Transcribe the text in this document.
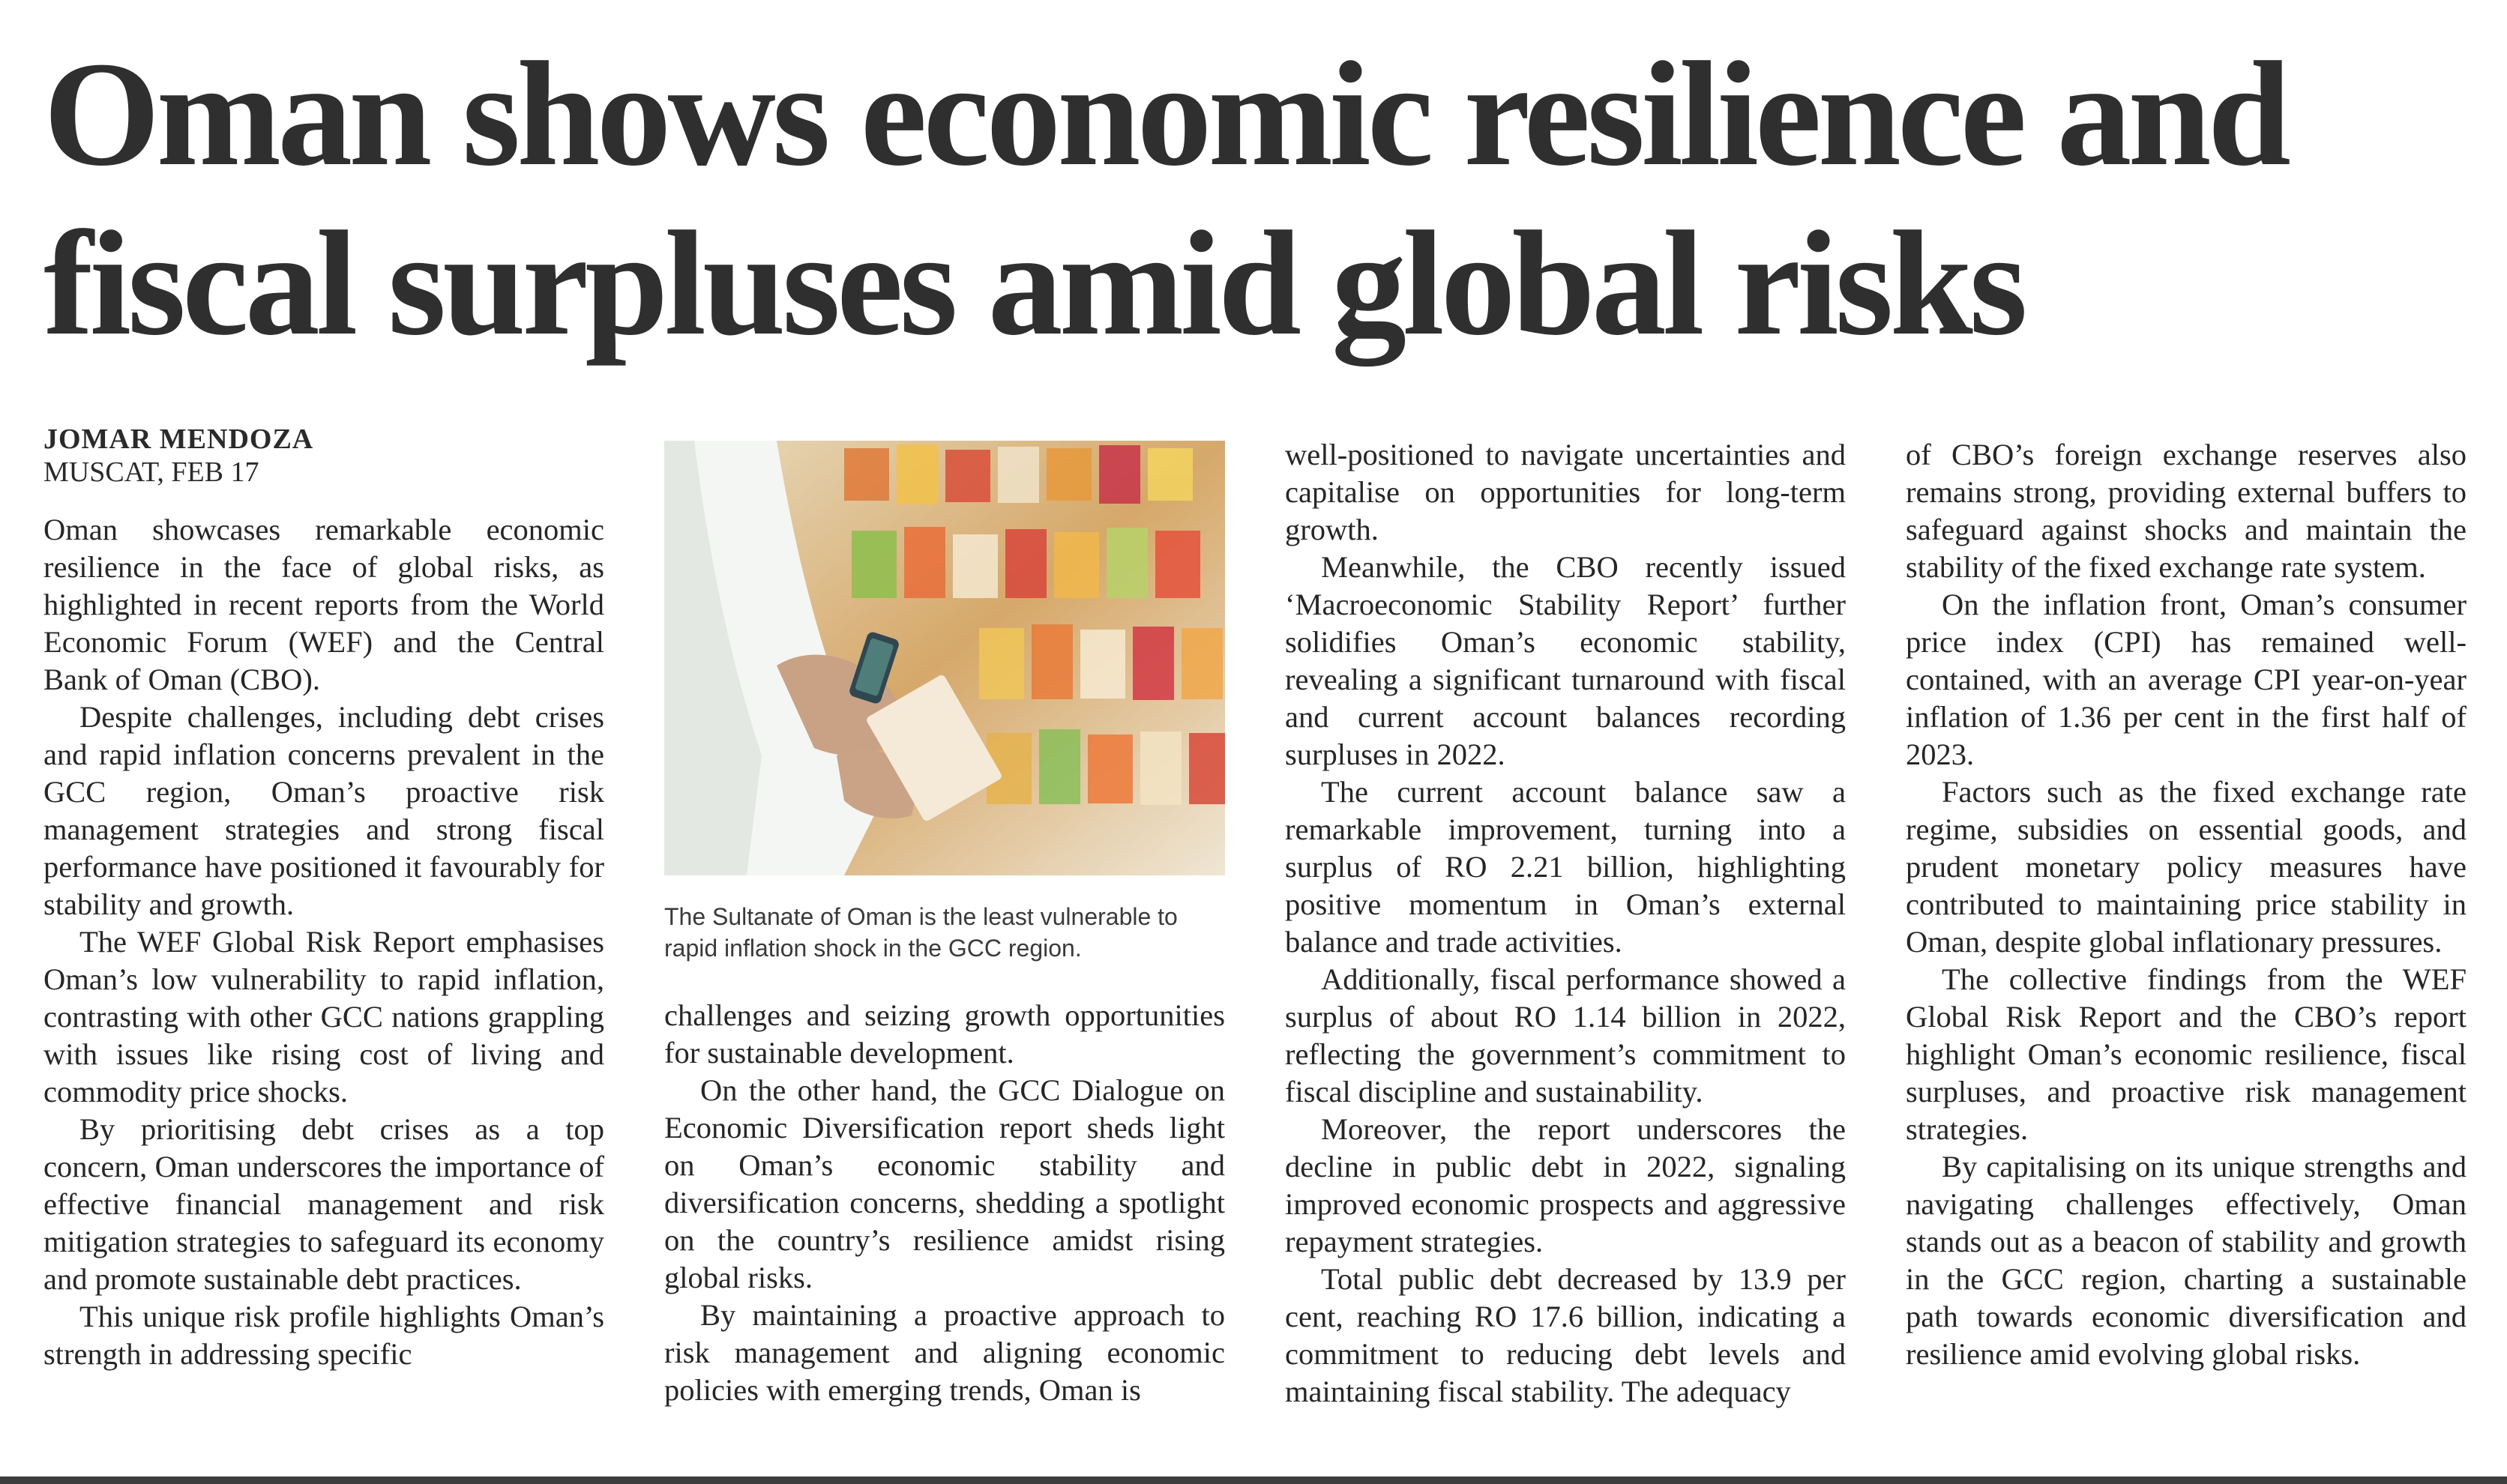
Oman shows economic resilience and
fiscal surpluses amid global risks
JOMAR MENDOZA
MUSCAT, FEB 17

Oman showcases remarkable economic resilience in the face of global risks, as highlighted in recent reports from the World Economic Forum (WEF) and the Central Bank of Oman (CBO).

Despite challenges, including debt crises and rapid inflation concerns prevalent in the GCC region, Oman’s proactive risk management strategies and strong fiscal performance have positioned it favourably for stability and growth.

The WEF Global Risk Report emphasises Oman’s low vulnerability to rapid inflation, contrasting with other GCC nations grappling with issues like rising cost of living and commodity price shocks.

By prioritising debt crises as a top concern, Oman underscores the importance of effective financial management and risk mitigation strategies to safeguard its economy and promote sustainable debt practices.

This unique risk profile highlights Oman’s strength in addressing specific

The Sultanate of Oman is the least vulnerable to rapid inflation shock in the GCC region.

challenges and seizing growth opportunities for sustainable development.

On the other hand, the GCC Dialogue on Economic Diversification report sheds light on Oman’s economic stability and diversification concerns, shedding a spotlight on the country’s resilience amidst rising global risks.

By maintaining a proactive approach to risk management and aligning economic policies with emerging trends, Oman is

well-positioned to navigate uncertainties and capitalise on opportunities for long-term growth.

Meanwhile, the CBO recently issued ‘Macroeconomic Stability Report’ further solidifies Oman’s economic stability, revealing a significant turnaround with fiscal and current account balances recording surpluses in 2022.

The current account balance saw a remarkable improvement, turning into a surplus of RO 2.21 billion, highlighting positive momentum in Oman’s external balance and trade activities.

Additionally, fiscal performance showed a surplus of about RO 1.14 billion in 2022, reflecting the government’s commitment to fiscal discipline and sustainability.

Moreover, the report underscores the decline in public debt in 2022, signaling improved economic prospects and aggressive repayment strategies.

Total public debt decreased by 13.9 per cent, reaching RO 17.6 billion, indicating a commitment to reducing debt levels and maintaining fiscal stability. The adequacy

of CBO’s foreign exchange reserves also remains strong, providing external buffers to safeguard against shocks and maintain the stability of the fixed exchange rate system.

On the inflation front, Oman’s consumer price index (CPI) has remained well-contained, with an average CPI year-on-year inflation of 1.36 per cent in the first half of 2023.

Factors such as the fixed exchange rate regime, subsidies on essential goods, and prudent monetary policy measures have contributed to maintaining price stability in Oman, despite global inflationary pressures.

The collective findings from the WEF Global Risk Report and the CBO’s report highlight Oman’s economic resilience, fiscal surpluses, and proactive risk management strategies.

By capitalising on its unique strengths and navigating challenges effectively, Oman stands out as a beacon of stability and growth in the GCC region, charting a sustainable path towards economic diversification and resilience amid evolving global risks.
